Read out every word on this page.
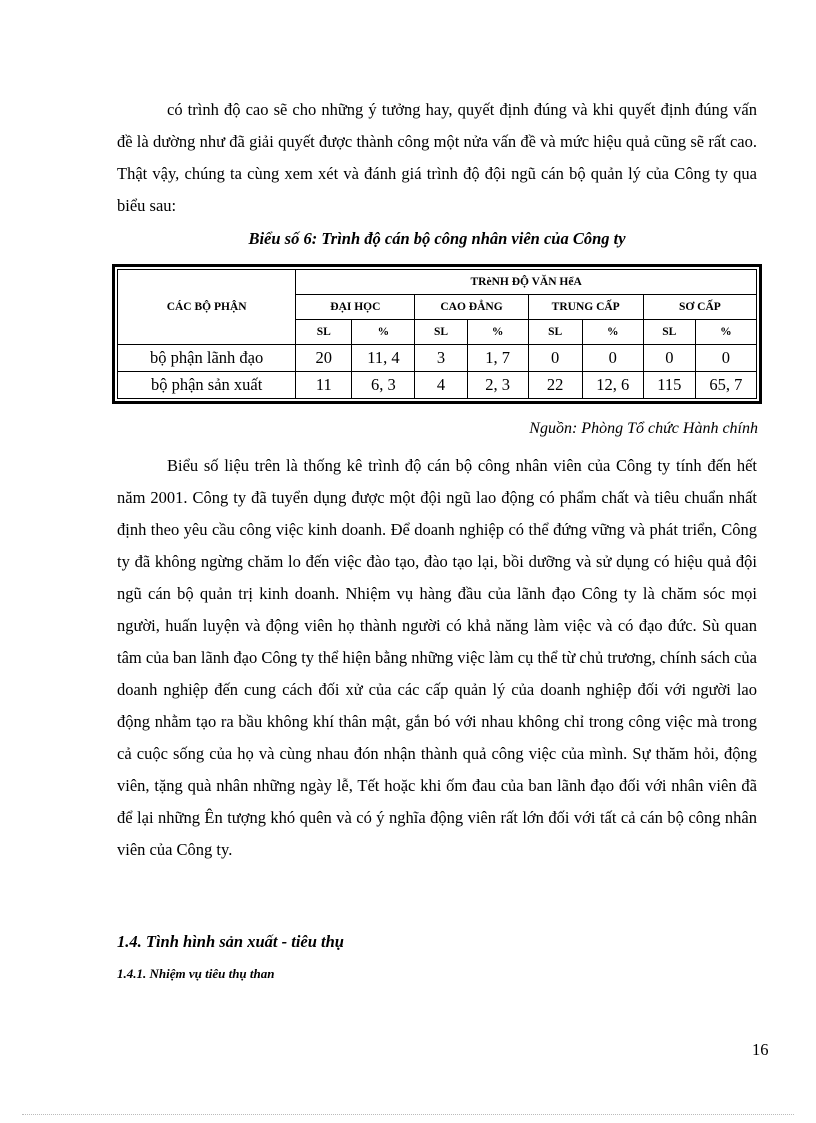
có trình độ cao sẽ cho những ý tưởng hay, quyết định đúng và khi quyết định đúng vấn đề là dường như đã giải quyết được thành công một nửa vấn đề và mức hiệu quả cũng sẽ rất cao. Thật vậy, chúng ta cùng xem xét và đánh giá trình độ đội ngũ cán bộ quản lý của Công ty qua biểu sau:

Biểu số 6: Trình độ cán bộ công nhân viên của Công ty
CÁC BỘ PHẬN	TRèNH ĐỘ VĂN HểA							
	ĐẠI HỌC		CAO ĐẲNG		TRUNG CẤP		SƠ CẤP	
	SL	%	SL	%	SL	%	SL	%
bộ phận lãnh đạo	20	11, 4	3	1, 7	0	0	0	0
bộ phận sản xuất	11	6, 3	4	2, 3	22	12, 6	115	65, 7
Nguồn: Phòng Tổ chức Hành chính

Biểu số liệu trên là thống kê trình độ cán bộ công nhân viên của Công ty tính đến hết năm 2001. Công ty đã tuyển dụng được một đội ngũ lao động có phẩm chất và tiêu chuẩn nhất định theo yêu cầu công việc kinh doanh. Để doanh nghiệp có thể đứng vững và phát triển, Công ty đã không ngừng chăm lo đến việc đào tạo, đào tạo lại, bồi dưỡng và sử dụng có hiệu quả đội ngũ cán bộ quản trị kinh doanh. Nhiệm vụ hàng đầu của lãnh đạo Công ty là chăm sóc mọi người, huấn luyện và động viên họ thành người có khả năng làm việc và có đạo đức. Sù quan tâm của ban lãnh đạo Công ty thể hiện bằng những việc làm cụ thể từ chủ trương, chính sách của doanh nghiệp đến cung cách đối xử của các cấp quản lý của doanh nghiệp đối với người lao động nhằm tạo ra bầu không khí thân mật, gắn bó với nhau không chỉ trong công việc mà trong cả cuộc sống của họ và cùng nhau đón nhận thành quả công việc của mình. Sự thăm hỏi, động viên, tặng quà nhân những ngày lễ, Tết hoặc khi ốm đau của ban lãnh đạo đối với nhân viên đã để lại những Ên tượng khó quên và có ý nghĩa động viên rất lớn đối với tất cả cán bộ công nhân viên của Công ty.

1.4. Tình hình sản xuất - tiêu thụ
1.4.1. Nhiệm vụ tiêu thụ than
16
